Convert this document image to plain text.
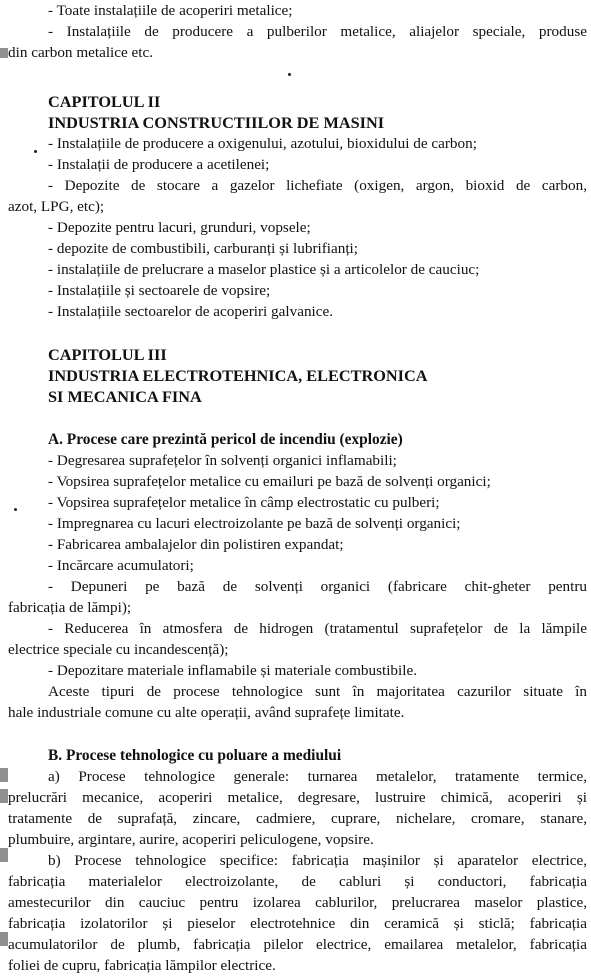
- Toate instalațiile de acoperiri metalice;

- Instalațiile de producere a pulberilor metalice, aliajelor speciale, produse

din carbon metalice etc.

CAPITOLUL II
INDUSTRIA CONSTRUCTIILOR DE MASINI

- Instalațiile de producere a oxigenului, azotului, bioxidului de carbon;

- Instalații de producere a acetilenei;

- Depozite de stocare a gazelor lichefiate (oxigen, argon, bioxid de carbon,

azot, LPG, etc);

- Depozite pentru lacuri, grunduri, vopsele;

- depozite de combustibili, carburanți și lubrifianți;

- instalațiile de prelucrare a maselor plastice și a articolelor de cauciuc;

- Instalațiile și sectoarele de vopsire;

- Instalațiile sectoarelor de acoperiri galvanice.

CAPITOLUL III
INDUSTRIA ELECTROTEHNICA, ELECTRONICA
SI MECANICA FINA
A. Procese care prezintă pericol de incendiu (explozie)

- Degresarea suprafețelor în solvenți organici inflamabili;

- Vopsirea suprafețelor metalice cu emailuri pe bază de solvenți organici;

- Vopsirea suprafețelor metalice în câmp electrostatic cu pulberi;

- Impregnarea cu lacuri electroizolante pe bază de solvenți organici;

- Fabricarea ambalajelor din polistiren expandat;

- Incărcare acumulatori;

- Depuneri pe bază de solvenți organici (fabricare chit-gheter pentru

fabricația de lămpi);

- Reducerea în atmosfera de hidrogen (tratamentul suprafețelor de la lămpile

electrice speciale cu incandescență);

- Depozitare materiale inflamabile și materiale combustibile.

Aceste tipuri de procese tehnologice sunt în majoritatea cazurilor situate în

hale industriale comune cu alte operații, având suprafețe limitate.

B. Procese tehnologice cu poluare a mediului

a) Procese tehnologice generale: turnarea metalelor, tratamente termice,

prelucrări mecanice, acoperiri metalice, degresare, lustruire chimică, acoperiri și

tratamente de suprafață, zincare, cadmiere, cuprare, nichelare, cromare, stanare,

plumbuire, argintare, aurire, acoperiri peliculogene, vopsire.

b) Procese tehnologice specifice: fabricația mașinilor și aparatelor electrice,

fabricația materialelor electroizolante, de cabluri și conductori, fabricația

amestecurilor din cauciuc pentru izolarea cablurilor, prelucrarea maselor plastice,

fabricația izolatorilor și pieselor electrotehnice din ceramică și sticlă; fabricația

acumulatorilor de plumb, fabricația pilelor electrice, emailarea metalelor, fabricația

foliei de cupru, fabricația lămpilor electrice.
